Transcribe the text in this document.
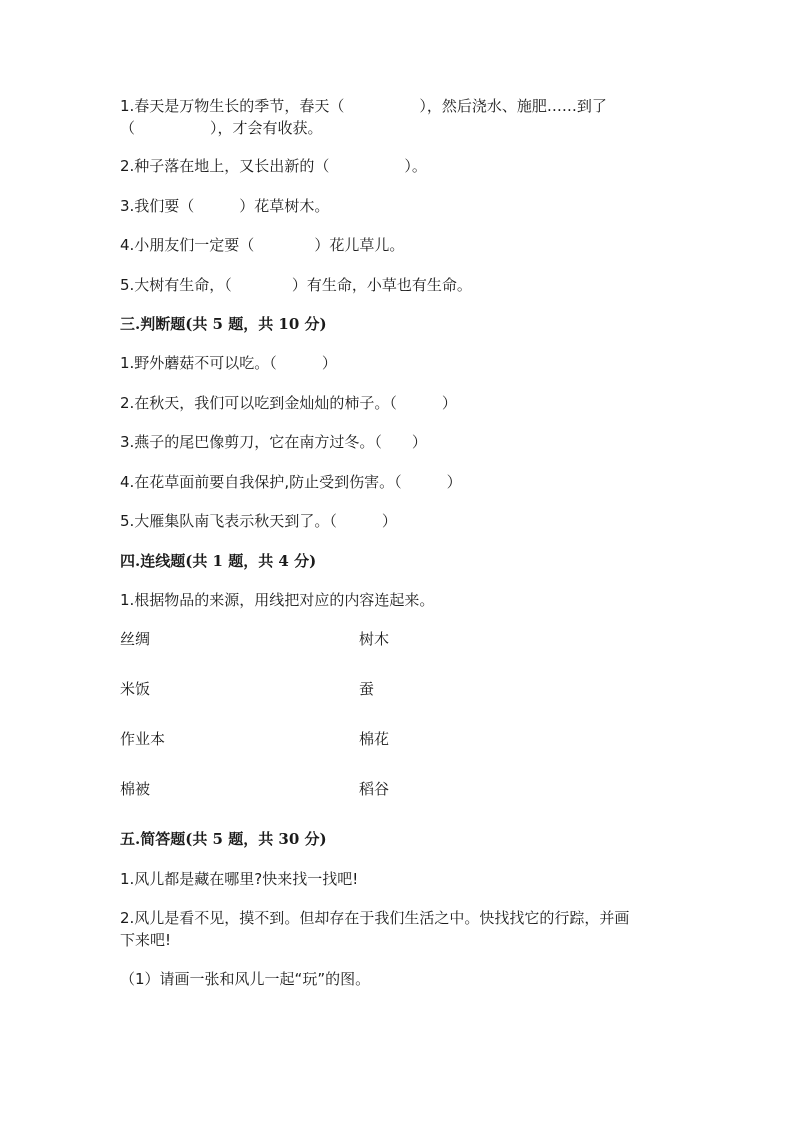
1.春天是万物生长的季节，春天（　　　　　），然后浇水、施肥……到了
（　　　　　），才会有收获。
2.种子落在地上，又长出新的（　　　　　）。
3.我们要（　　　）花草树木。
4.小朋友们一定要（　　　　）花儿草儿。
5.大树有生命，（　　　　）有生命，小草也有生命。
三.判断题(共 5 题，共 10 分)
1.野外蘑菇不可以吃。（　　　）
2.在秋天，我们可以吃到金灿灿的柿子。（　　　）
3.燕子的尾巴像剪刀，它在南方过冬。（　　）
4.在花草面前要自我保护,防止受到伤害。（　　　）
5.大雁集队南飞表示秋天到了。（　　　）
四.连线题(共 1 题，共 4 分)
1.根据物品的来源，用线把对应的内容连起来。
丝绸	树木
米饭	蚕
作业本	棉花
棉被	稻谷
五.简答题(共 5 题，共 30 分)
1.风儿都是藏在哪里?快来找一找吧!
2.风儿是看不见，摸不到。但却存在于我们生活之中。快找找它的行踪，并画
下来吧!
（1）请画一张和风儿一起“玩”的图。
